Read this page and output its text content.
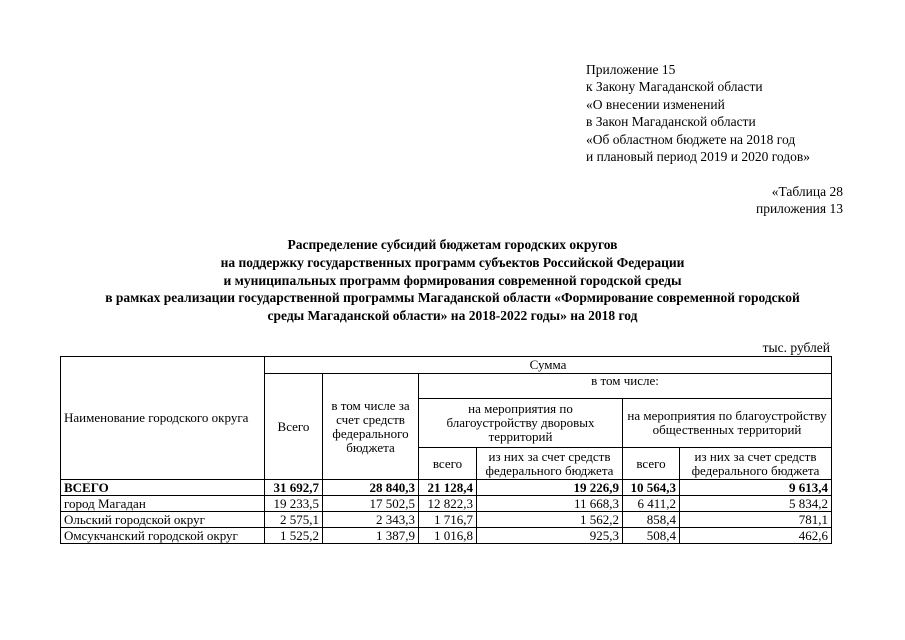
Приложение 15
к Закону Магаданской области
«О внесении изменений
в Закон Магаданской области
«Об областном бюджете на 2018 год
и плановый период 2019 и 2020 годов»
«Таблица 28
приложения 13
Распределение субсидий бюджетам городских округов
на поддержку государственных программ субъектов Российской Федерации
и муниципальных программ формирования современной городской среды
в рамках реализации государственной программы Магаданской области «Формирование современной городской
среды Магаданской области» на 2018-2022 годы» на 2018 год
тыс. рублей
Наименование городского округа	Сумма					
	Всего	в том числе за счет средств федерального бюджета	в том числе:			
			на мероприятия по благоустройству дворовых территорий		на мероприятия по благоустройству общественных территорий	
			всего	из них за счет средств федерального бюджета	всего	из них за счет средств федерального бюджета
ВСЕГО	31 692,7	28 840,3	21 128,4	19 226,9	10 564,3	9 613,4
город Магадан	19 233,5	17 502,5	12 822,3	11 668,3	6 411,2	5 834,2
Ольский городской округ	2 575,1	2 343,3	1 716,7	1 562,2	858,4	781,1
Омсукчанский городской округ	1 525,2	1 387,9	1 016,8	925,3	508,4	462,6
